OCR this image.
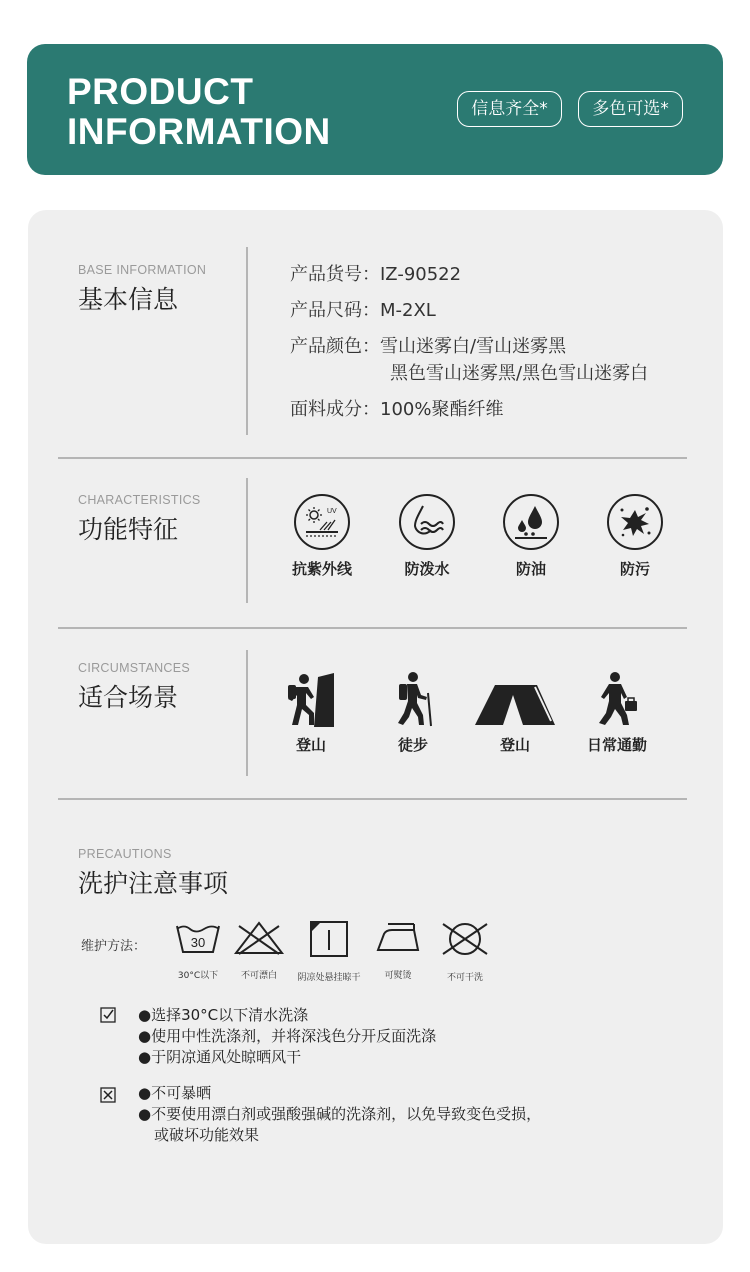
PRODUCT
INFORMATION
信息齐全*	多色可选*
BASE INFORMATION
基本信息
产品货号：IZ-90522
产品尺码：M-2XL
产品颜色：雪山迷雾白/雪山迷雾黑
黑色雪山迷雾黑/黑色雪山迷雾白
面料成分：100%聚酯纤维
CHARACTERISTICS
功能特征
UV
抗紫外线	防泼水	防油	防污
CIRCUMSTANCES
适合场景
登山	徒步	登山	日常通勤
PRECAUTIONS
洗护注意事项
维护方法：	30
30°C以下	不可漂白	阴凉处悬挂晾干	可熨烫	不可干洗
●选择30°C以下清水洗涤
●使用中性洗涤剂，并将深浅色分开反面洗涤
●于阴凉通风处晾晒风干
●不可暴晒
●不要使用漂白剂或强酸强碱的洗涤剂，以免导致变色受损，
或破坏功能效果
